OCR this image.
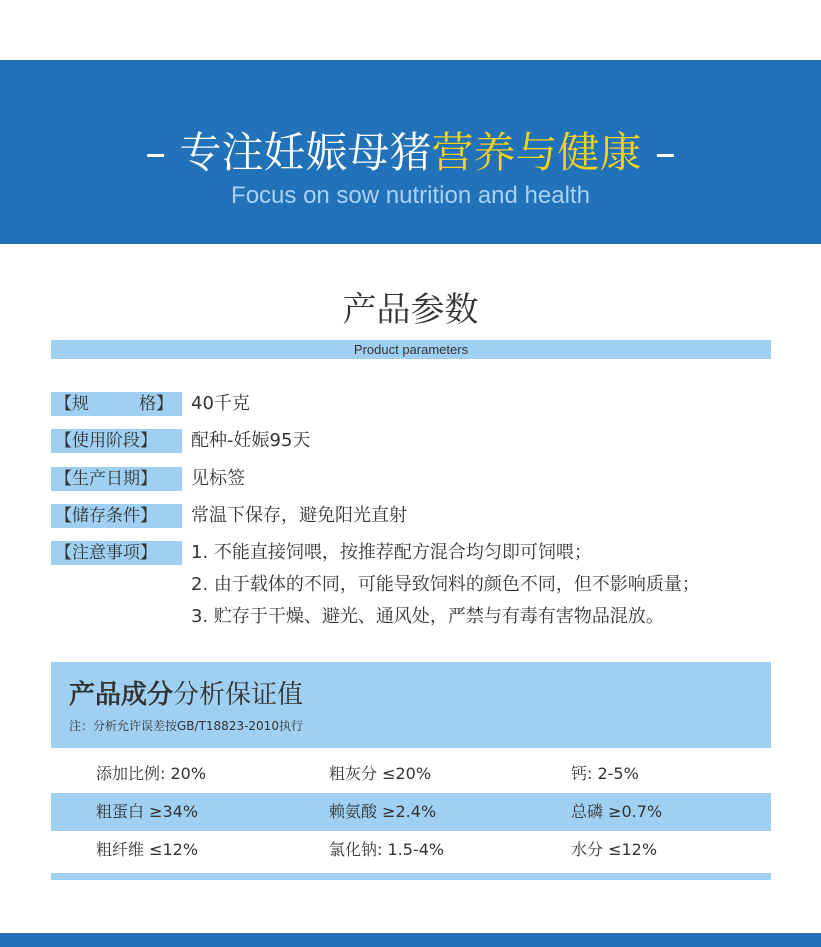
– 专注妊娠母猪营养与健康 –
Focus on sow nutrition and health
产品参数
Product parameters
【规	格】 40千克
【使用阶段】 配种-妊娠95天
【生产日期】 见标签
【储存条件】 常温下保存，避免阳光直射
【注意事项】 1. 不能直接饲喂，按推荐配方混合均匀即可饲喂；
2. 由于载体的不同，可能导致饲料的颜色不同，但不影响质量；
3. 贮存于干燥、避光、通风处，严禁与有毒有害物品混放。
产品成分分析保证值
注：分析允许误差按GB/T18823-2010执行
添加比例: 20%	粗灰分 ≤20%	钙: 2-5%
粗蛋白 ≥34%	赖氨酸 ≥2.4%	总磷 ≥0.7%
粗纤维 ≤12%	氯化钠: 1.5-4%	水分 ≤12%
